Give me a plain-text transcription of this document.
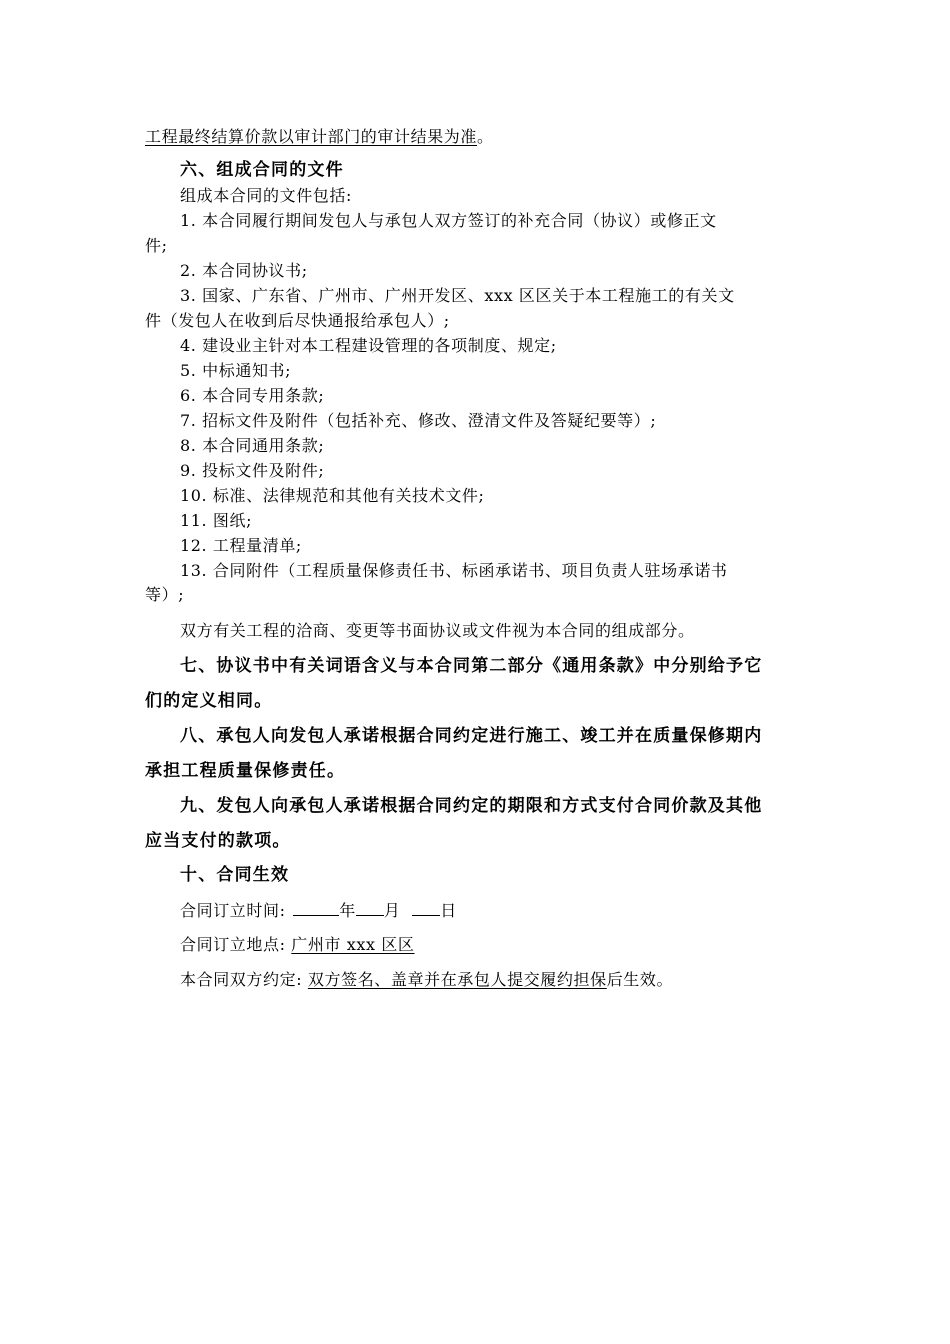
工程最终结算价款以审计部门的审计结果为准。
六、组成合同的文件
组成本合同的文件包括:
1. 本合同履行期间发包人与承包人双方签订的补充合同（协议）或修正文
件;
2. 本合同协议书;
3. 国家、广东省、广州市、广州开发区、xxx 区区关于本工程施工的有关文
件（发包人在收到后尽快通报给承包人）;
4. 建设业主针对本工程建设管理的各项制度、规定;
5. 中标通知书;
6. 本合同专用条款;
7. 招标文件及附件（包括补充、修改、澄清文件及答疑纪要等）;
8. 本合同通用条款;
9. 投标文件及附件;
10. 标准、法律规范和其他有关技术文件;
11. 图纸;
12. 工程量清单;
13. 合同附件（工程质量保修责任书、标函承诺书、项目负责人驻场承诺书
等）;
双方有关工程的洽商、变更等书面协议或文件视为本合同的组成部分。
七、协议书中有关词语含义与本合同第二部分《通用条款》中分别给予它
们的定义相同。
八、承包人向发包人承诺根据合同约定进行施工、竣工并在质量保修期内
承担工程质量保修责任。
九、发包人向承包人承诺根据合同约定的期限和方式支付合同价款及其他
应当支付的款项。
十、合同生效
合同订立时间:	年 月 日
合同订立地点: 广州市 xxx 区区
本合同双方约定: 双方签名、盖章并在承包人提交履约担保后生效。
